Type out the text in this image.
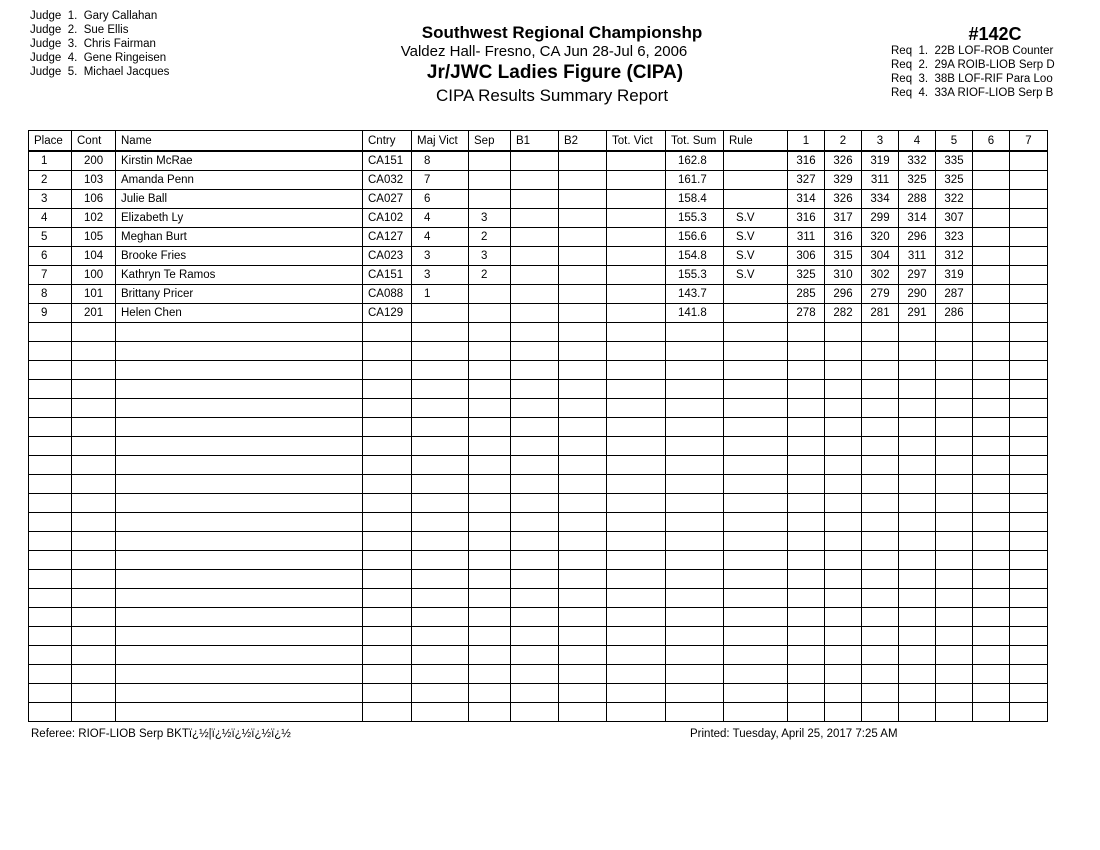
Judge  1.  Gary Callahan
Judge  2.  Sue Ellis
Judge  3.  Chris Fairman
Judge  4.  Gene Ringeisen
Judge  5.  Michael Jacques
Southwest Regional Championshp
Valdez Hall- Fresno, CA Jun 28-Jul 6, 2006
Jr/JWC Ladies Figure (CIPA)
CIPA Results Summary Report
#142C
Req  1.  22B LOF-ROB Counter
Req  2.  29A ROIB-LIOB Serp D
Req  3.  38B LOF-RIF Para Loo
Req  4.  33A RIOF-LIOB Serp B
Place	Cont	Name	Cntry	Maj Vict	Sep	B1	B2	Tot. Vict	Tot. Sum	Rule	1	2	3	4	5	6	7
1	200	Kirstin McRae	CA151	8					162.8		316	326	319	332	335		
2	103	Amanda Penn	CA032	7					161.7		327	329	311	325	325		
3	106	Julie Ball	CA027	6					158.4		314	326	334	288	322		
4	102	Elizabeth Ly	CA102	4	3				155.3	S.V	316	317	299	314	307		
5	105	Meghan Burt	CA127	4	2				156.6	S.V	311	316	320	296	323		
6	104	Brooke Fries	CA023	3	3				154.8	S.V	306	315	304	311	312		
7	100	Kathryn Te Ramos	CA151	3	2				155.3	S.V	325	310	302	297	319		
8	101	Brittany Pricer	CA088	1					143.7		285	296	279	290	287		
9	201	Helen Chen	CA129						141.8		278	282	281	291	286		

Referee: RIOF-LIOB Serp BKTï¿½|ï¿½ï¿½ï¿½ï¿½	Printed: Tuesday, April 25, 2017 7:25 AM
